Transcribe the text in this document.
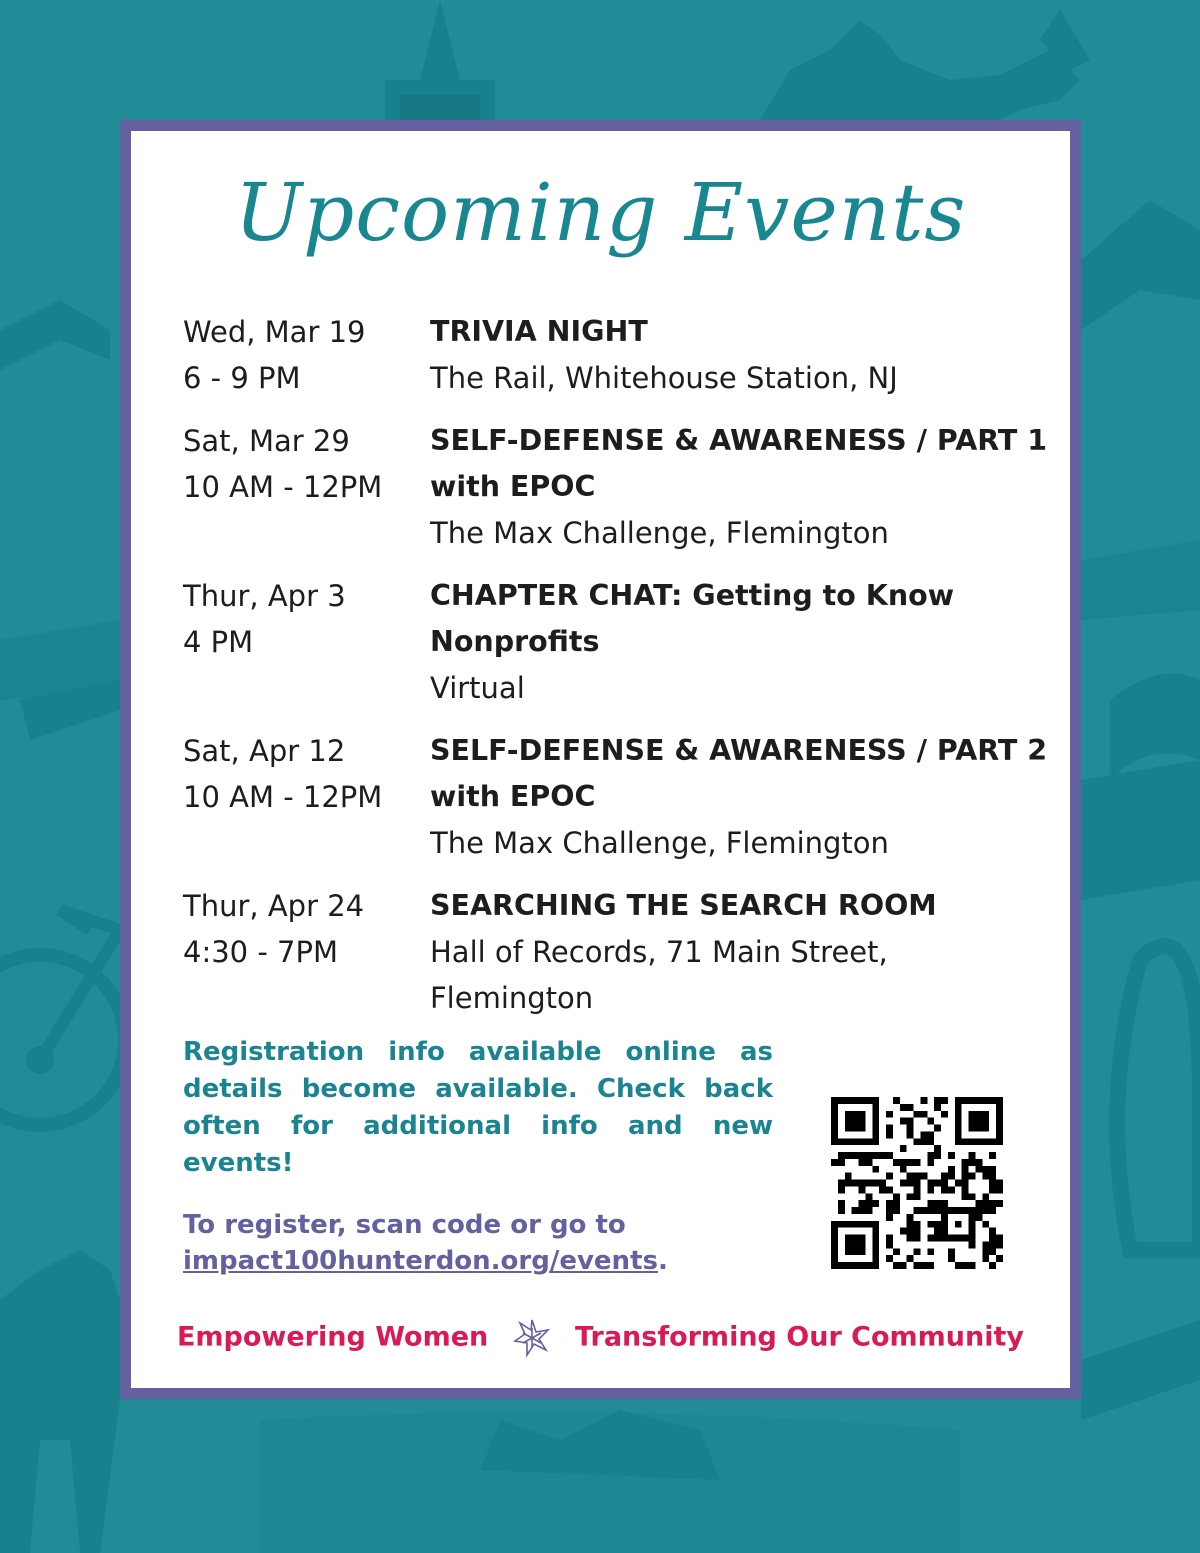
Upcoming Events
Wed, Mar 19
6 - 9 PM
TRIVIA NIGHT
The Rail, Whitehouse Station, NJ
Sat, Mar 29
10 AM - 12PM
SELF-DEFENSE & AWARENESS / PART 1
with EPOC
The Max Challenge, Flemington
Thur, Apr 3
4 PM
CHAPTER CHAT: Getting to Know
Nonprofits
Virtual
Sat, Apr 12
10 AM - 12PM
SELF-DEFENSE & AWARENESS / PART 2
with EPOC
The Max Challenge, Flemington
Thur, Apr 24
4:30 - 7PM
SEARCHING THE SEARCH ROOM
Hall of Records, 71 Main Street,
Flemington

Registration info available online as details become available. Check back often for additional info and new events!

To register, scan code or go to
impact100hunterdon.org/events.

Empowering Women	Transforming Our Community
